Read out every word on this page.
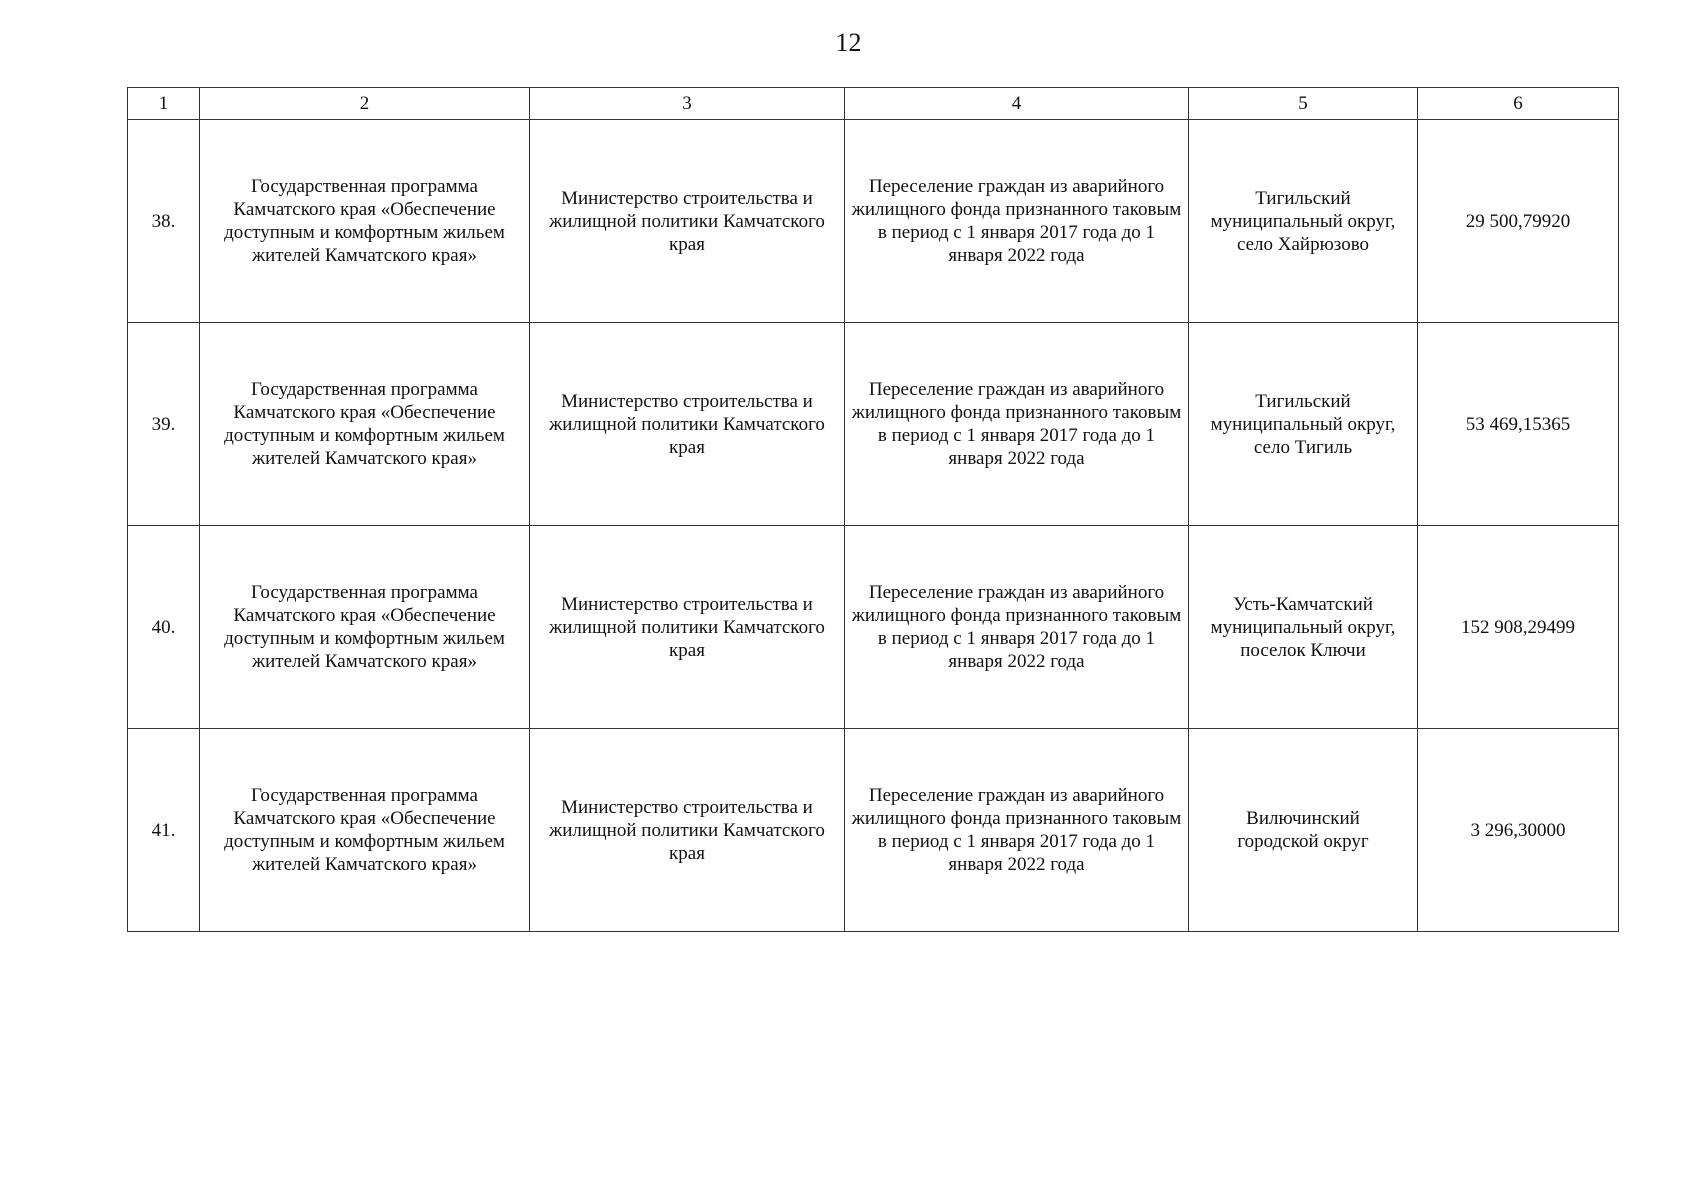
12
1	2	3	4	5	6
38.	Государственная программа Камчатского края «Обеспечение доступным и комфортным жильем жителей Камчатского края»	Министерство строительства и жилищной политики Камчатского края	Переселение граждан из аварийного жилищного фонда признанного таковым в период с 1 января 2017 года до 1 января 2022 года	Тигильский муниципальный округ, село Хайрюзово	29 500,79920
39.	Государственная программа Камчатского края «Обеспечение доступным и комфортным жильем жителей Камчатского края»	Министерство строительства и жилищной политики Камчатского края	Переселение граждан из аварийного жилищного фонда признанного таковым в период с 1 января 2017 года до 1 января 2022 года	Тигильский муниципальный округ, село Тигиль	53 469,15365
40.	Государственная программа Камчатского края «Обеспечение доступным и комфортным жильем жителей Камчатского края»	Министерство строительства и жилищной политики Камчатского края	Переселение граждан из аварийного жилищного фонда признанного таковым в период с 1 января 2017 года до 1 января 2022 года	Усть-Камчатский муниципальный округ, поселок Ключи	152 908,29499
41.	Государственная программа Камчатского края «Обеспечение доступным и комфортным жильем жителей Камчатского края»	Министерство строительства и жилищной политики Камчатского края	Переселение граждан из аварийного жилищного фонда признанного таковым в период с 1 января 2017 года до 1 января 2022 года	Вилючинский городской округ	3 296,30000
